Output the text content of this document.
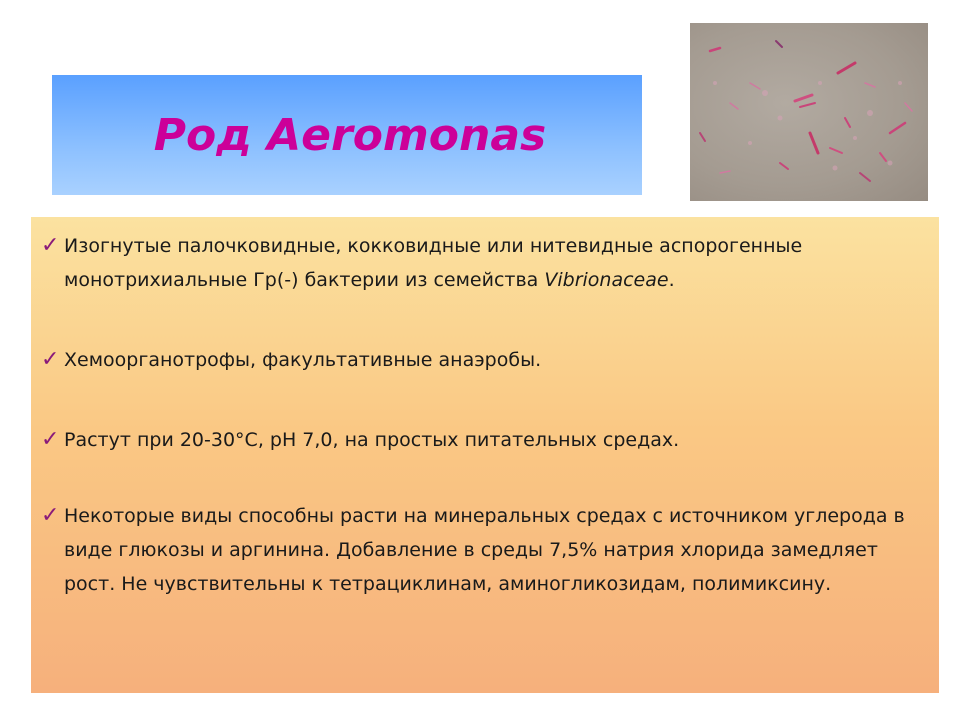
Род Aeromonas
✓ Изогнутые палочковидные, кокковидные или нитевидные аспорогенные монотрихиальные Гр(-) бактерии из семейства Vibrionaceae.
✓ Хемоорганотрофы, факультативные анаэробы.
✓ Растут при 20-30°С, рН 7,0, на простых питательных средах.
✓ Некоторые виды способны расти на минеральных средах с источником углерода в виде глюкозы и аргинина. Добавление в среды 7,5% натрия хлорида замедляет рост. Не чувствительны к тетрациклинам, аминогликозидам, полимиксину.
